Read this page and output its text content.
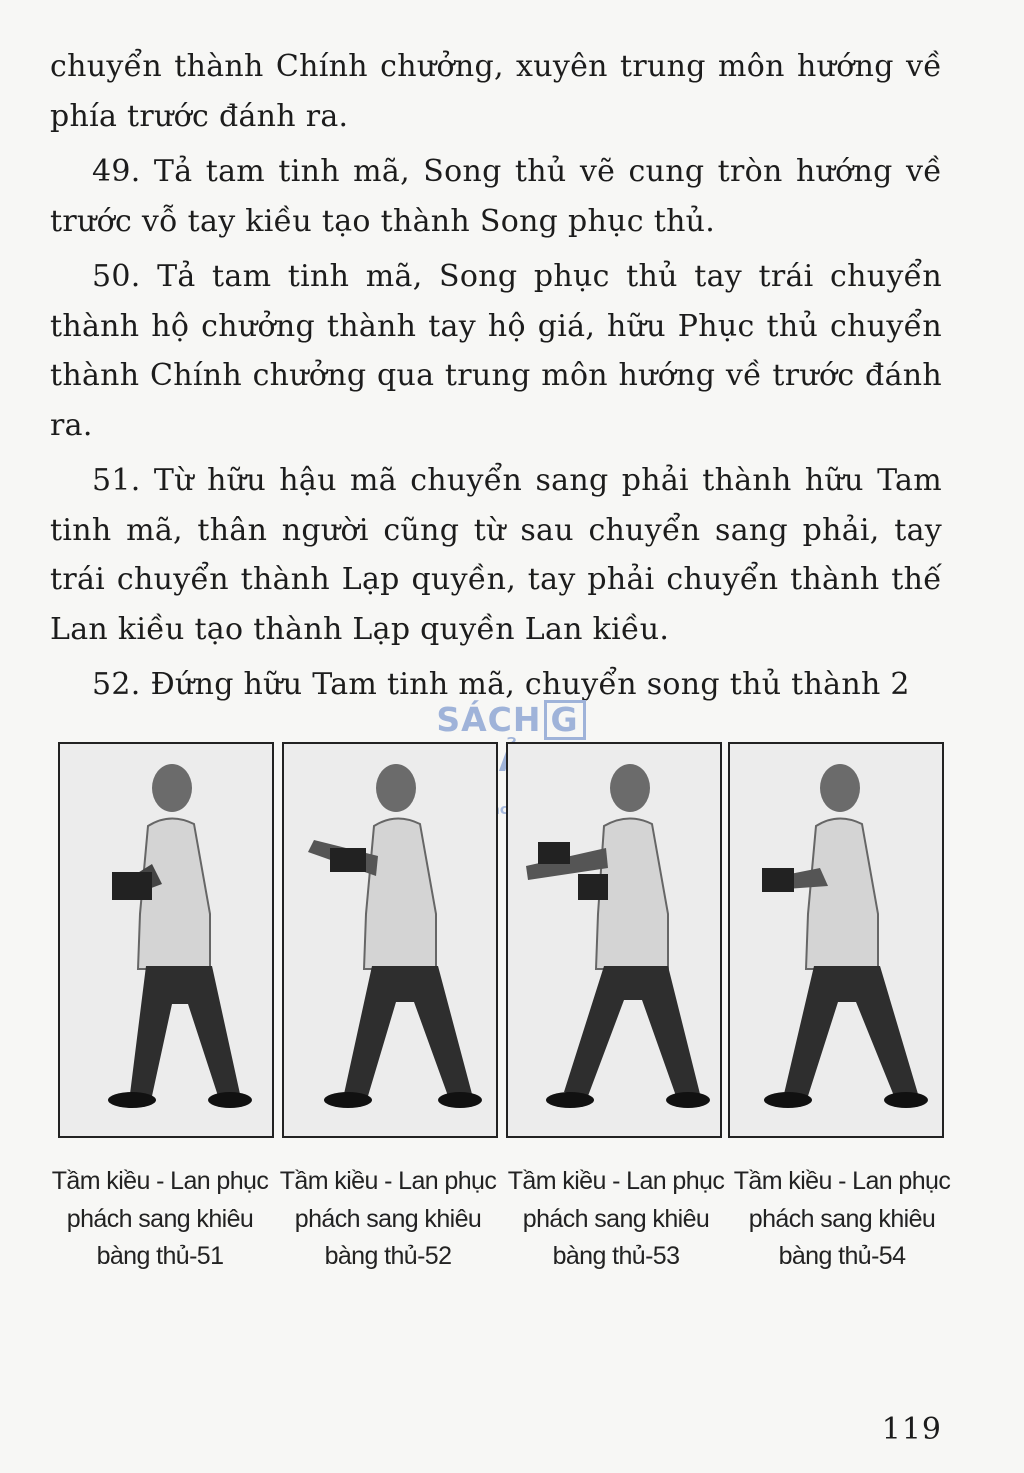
chuyển thành Chính chưởng, xuyên trung môn hướng về phía trước đánh ra.

49. Tả tam tinh mã, Song thủ vẽ cung tròn hướng về trước vỗ tay kiều tạo thành Song phục thủ.

50. Tả tam tinh mã, Song phục thủ tay trái chuyển thành hộ chưởng thành tay hộ giá, hữu Phục thủ chuyển thành Chính chưởng qua trung môn hướng về trước đánh ra.

51. Từ hữu hậu mã chuyển sang phải thành hữu Tam tinh mã, thân người cũng từ sau chuyển sang phải, tay trái chuyển thành Lạp quyền, tay phải chuyển thành thế Lan kiều tạo thành Lạp quyền Lan kiều.

52. Đứng hữu Tam tinh mã, chuyển song thủ thành 2

SÁCH G
Tầm kiều - Lan phục phách sang khiêu bàng thủ-51
Tầm kiều - Lan phục phách sang khiêu bàng thủ-52
Tầm kiều - Lan phục phách sang khiêu bàng thủ-53
Tầm kiều - Lan phục phách sang khiêu bàng thủ-54
119
